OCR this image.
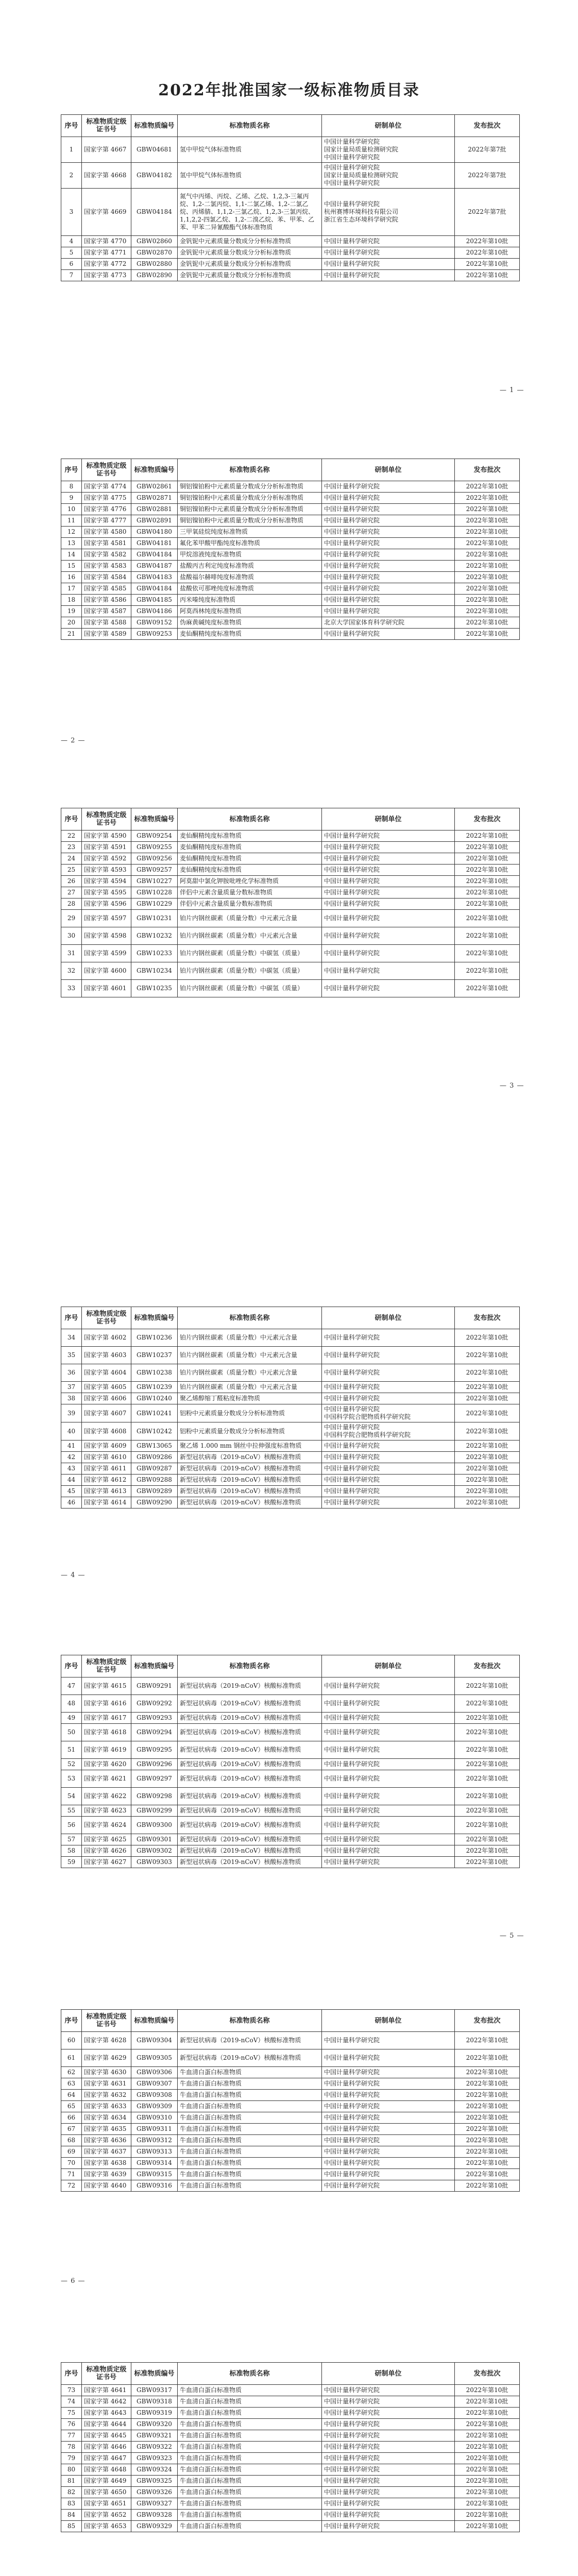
2022年批准国家一级标准物质目录
序号	标准物质定级证书号	标准物质编号	标准物质名称	研制单位	发布批次
1	国家字第 4667	GBW04681	氢中甲烷气体标准物质	中国计量科学研究院
国家计量局质量检测研究院
中国计量科学研究院	2022年第7批
2	国家字第 4668	GBW04182	氢中甲烷气体标准物质	中国计量科学研究院
国家计量局质量检测研究院
中国计量科学研究院	2022年第7批
3	国家字第 4669	GBW04184	氮气中丙烯、丙烷、乙烯、乙烷、1,2,3-三氟丙烷、1,2-二氯丙烷、1,1-二氯乙烯、1,2-二氯乙烷、丙烯腈、1,1,2-三氯乙烷、1,2,3-三氯丙烷、1,1,2,2-四氯乙烷、1,2-二溴乙烷、苯、甲苯、乙苯、甲苯二异氰酸酯气体标准物质	中国计量科学研究院
杭州赛博环境科技有限公司
浙江省生态环境科学研究院	2022年第7批
4	国家字第 4770	GBW02860	金钒铌中元素质量分数成分分析标准物质	中国计量科学研究院	2022年第10批
5	国家字第 4771	GBW02870	金钒铌中元素质量分数成分分析标准物质	中国计量科学研究院	2022年第10批
6	国家字第 4772	GBW02880	金钒铌中元素质量分数成分分析标准物质	中国计量科学研究院	2022年第10批
7	国家字第 4773	GBW02890	金钒铌中元素质量分数成分分析标准物质	中国计量科学研究院	2022年第10批
— 1 —
序号	标准物质定级证书号	标准物质编号	标准物质名称	研制单位	发布批次
8	国家字第 4774	GBW02861	铜铝镍铂粉中元素质量分数成分分析标准物质	中国计量科学研究院	2022年第10批
9	国家字第 4775	GBW02871	铜铝镍铂粉中元素质量分数成分分析标准物质	中国计量科学研究院	2022年第10批
10	国家字第 4776	GBW02881	铜铝镍铂粉中元素质量分数成分分析标准物质	中国计量科学研究院	2022年第10批
11	国家字第 4777	GBW02891	铜铝镍铂粉中元素质量分数成分分析标准物质	中国计量科学研究院	2022年第10批
12	国家字第 4580	GBW04180	三甲氧硅烷纯度标准物质	中国计量科学研究院	2022年第10批
13	国家字第 4581	GBW04181	氟化苯甲酸甲酯纯度标准物质	中国计量科学研究院	2022年第10批
14	国家字第 4582	GBW04184	甲烷溶液纯度标准物质	中国计量科学研究院	2022年第10批
15	国家字第 4583	GBW04187	盐酸丙吉利定纯度标准物质	中国计量科学研究院	2022年第10批
16	国家字第 4584	GBW04183	盐酸福尔赫啡纯度标准物质	中国计量科学研究院	2022年第10批
17	国家字第 4585	GBW04184	盐酸依可那唑纯度标准物质	中国计量科学研究院	2022年第10批
18	国家字第 4586	GBW04185	丙米嗪纯度标准物质	中国计量科学研究院	2022年第10批
19	国家字第 4587	GBW04186	阿莫西林纯度标准物质	中国计量科学研究院	2022年第10批
20	国家字第 4588	GBW09152	伪麻黄碱纯度标准物质	北京大学国家体育科学研究院	2022年第10批
21	国家字第 4589	GBW09253	麦仙酮精纯度标准物质	中国计量科学研究院	2022年第10批
— 2 —
序号	标准物质定级证书号	标准物质编号	标准物质名称	研制单位	发布批次
22	国家字第 4590	GBW09254	麦仙酮精纯度标准物质	中国计量科学研究院	2022年第10批
23	国家字第 4591	GBW09255	麦仙酮精纯度标准物质	中国计量科学研究院	2022年第10批
24	国家字第 4592	GBW09256	麦仙酮精纯度标准物质	中国计量科学研究院	2022年第10批
25	国家字第 4593	GBW09257	麦仙酮精纯度标准物质	中国计量科学研究院	2022年第10批
26	国家字第 4594	GBW10227	阿莫甜中氯化钾胺吡唑化学标准物质	中国计量科学研究院	2022年第10批
27	国家字第 4595	GBW10228	伴侣中元素含量质量分数标准物质	中国计量科学研究院	2022年第10批
28	国家字第 4596	GBW10229	伴侣中元素含量质量分数标准物质	中国计量科学研究院	2022年第10批
29	国家字第 4597	GBW10231	铂片内钢丝碳素（质量分数）中元素元含量	中国计量科学研究院	2022年第10批
30	国家字第 4598	GBW10232	铂片内钢丝碳素（质量分数）中元素元含量	中国计量科学研究院	2022年第10批
31	国家字第 4599	GBW10233	铂片内钢丝碳素（质量分数）中碳氢（质量）	中国计量科学研究院	2022年第10批
32	国家字第 4600	GBW10234	铂片内钢丝碳素（质量分数）中碳氢（质量）	中国计量科学研究院	2022年第10批
33	国家字第 4601	GBW10235	铂片内钢丝碳素（质量分数）中碳氢（质量）	中国计量科学研究院	2022年第10批
— 3 —
序号	标准物质定级证书号	标准物质编号	标准物质名称	研制单位	发布批次
34	国家字第 4602	GBW10236	铂片内钢丝碳素（质量分数）中元素元含量	中国计量科学研究院	2022年第10批
35	国家字第 4603	GBW10237	铂片内钢丝碳素（质量分数）中元素元含量	中国计量科学研究院	2022年第10批
36	国家字第 4604	GBW10238	铂片内钢丝碳素（质量分数）中元素元含量	中国计量科学研究院	2022年第10批
37	国家字第 4605	GBW10239	铂片内钢丝碳素（质量分数）中元素元含量	中国计量科学研究院	2022年第10批
38	国家字第 4606	GBW10240	聚乙烯醇缩丁醛粘度标准物质	中国计量科学研究院	2022年第10批
39	国家字第 4607	GBW10241	铝粉中元素质量分数成分分析标准物质	中国计量科学研究院
中国科学院合肥物质科学研究院	2022年第10批
40	国家字第 4608	GBW10242	铝粉中元素质量分数成分分析标准物质	中国计量科学研究院
中国科学院合肥物质科学研究院	2022年第10批
41	国家字第 4609	GBW13065	聚乙烯 1.000 mm 钢丝中拉伸强度标准物质	中国计量科学研究院	2022年第10批
42	国家字第 4610	GBW09286	新型冠状病毒（2019-nCoV）核酸标准物质	中国计量科学研究院	2022年第10批
43	国家字第 4611	GBW09287	新型冠状病毒（2019-nCoV）核酸标准物质	中国计量科学研究院	2022年第10批
44	国家字第 4612	GBW09288	新型冠状病毒（2019-nCoV）核酸标准物质	中国计量科学研究院	2022年第10批
45	国家字第 4613	GBW09289	新型冠状病毒（2019-nCoV）核酸标准物质	中国计量科学研究院	2022年第10批
46	国家字第 4614	GBW09290	新型冠状病毒（2019-nCoV）核酸标准物质	中国计量科学研究院	2022年第10批
— 4 —
序号	标准物质定级证书号	标准物质编号	标准物质名称	研制单位	发布批次
47	国家字第 4615	GBW09291	新型冠状病毒（2019-nCoV）核酸标准物质	中国计量科学研究院	2022年第10批
48	国家字第 4616	GBW09292	新型冠状病毒（2019-nCoV）核酸标准物质	中国计量科学研究院	2022年第10批
49	国家字第 4617	GBW09293	新型冠状病毒（2019-nCoV）核酸标准物质	中国计量科学研究院	2022年第10批
50	国家字第 4618	GBW09294	新型冠状病毒（2019-nCoV）核酸标准物质	中国计量科学研究院	2022年第10批
51	国家字第 4619	GBW09295	新型冠状病毒（2019-nCoV）核酸标准物质	中国计量科学研究院	2022年第10批
52	国家字第 4620	GBW09296	新型冠状病毒（2019-nCoV）核酸标准物质	中国计量科学研究院	2022年第10批
53	国家字第 4621	GBW09297	新型冠状病毒（2019-nCoV）核酸标准物质	中国计量科学研究院	2022年第10批
54	国家字第 4622	GBW09298	新型冠状病毒（2019-nCoV）核酸标准物质	中国计量科学研究院	2022年第10批
55	国家字第 4623	GBW09299	新型冠状病毒（2019-nCoV）核酸标准物质	中国计量科学研究院	2022年第10批
56	国家字第 4624	GBW09300	新型冠状病毒（2019-nCoV）核酸标准物质	中国计量科学研究院	2022年第10批
57	国家字第 4625	GBW09301	新型冠状病毒（2019-nCoV）核酸标准物质	中国计量科学研究院	2022年第10批
58	国家字第 4626	GBW09302	新型冠状病毒（2019-nCoV）核酸标准物质	中国计量科学研究院	2022年第10批
59	国家字第 4627	GBW09303	新型冠状病毒（2019-nCoV）核酸标准物质	中国计量科学研究院	2022年第10批
— 5 —
序号	标准物质定级证书号	标准物质编号	标准物质名称	研制单位	发布批次
60	国家字第 4628	GBW09304	新型冠状病毒（2019-nCoV）核酸标准物质	中国计量科学研究院	2022年第10批
61	国家字第 4629	GBW09305	新型冠状病毒（2019-nCoV）核酸标准物质	中国计量科学研究院	2022年第10批
62	国家字第 4630	GBW09306	牛血清白蛋白标准物质	中国计量科学研究院	2022年第10批
63	国家字第 4631	GBW09307	牛血清白蛋白标准物质	中国计量科学研究院	2022年第10批
64	国家字第 4632	GBW09308	牛血清白蛋白标准物质	中国计量科学研究院	2022年第10批
65	国家字第 4633	GBW09309	牛血清白蛋白标准物质	中国计量科学研究院	2022年第10批
66	国家字第 4634	GBW09310	牛血清白蛋白标准物质	中国计量科学研究院	2022年第10批
67	国家字第 4635	GBW09311	牛血清白蛋白标准物质	中国计量科学研究院	2022年第10批
68	国家字第 4636	GBW09312	牛血清白蛋白标准物质	中国计量科学研究院	2022年第10批
69	国家字第 4637	GBW09313	牛血清白蛋白标准物质	中国计量科学研究院	2022年第10批
70	国家字第 4638	GBW09314	牛血清白蛋白标准物质	中国计量科学研究院	2022年第10批
71	国家字第 4639	GBW09315	牛血清白蛋白标准物质	中国计量科学研究院	2022年第10批
72	国家字第 4640	GBW09316	牛血清白蛋白标准物质	中国计量科学研究院	2022年第10批
— 6 —
序号	标准物质定级证书号	标准物质编号	标准物质名称	研制单位	发布批次
73	国家字第 4641	GBW09317	牛血清白蛋白标准物质	中国计量科学研究院	2022年第10批
74	国家字第 4642	GBW09318	牛血清白蛋白标准物质	中国计量科学研究院	2022年第10批
75	国家字第 4643	GBW09319	牛血清白蛋白标准物质	中国计量科学研究院	2022年第10批
76	国家字第 4644	GBW09320	牛血清白蛋白标准物质	中国计量科学研究院	2022年第10批
77	国家字第 4645	GBW09321	牛血清白蛋白标准物质	中国计量科学研究院	2022年第10批
78	国家字第 4646	GBW09322	牛血清白蛋白标准物质	中国计量科学研究院	2022年第10批
79	国家字第 4647	GBW09323	牛血清白蛋白标准物质	中国计量科学研究院	2022年第10批
80	国家字第 4648	GBW09324	牛血清白蛋白标准物质	中国计量科学研究院	2022年第10批
81	国家字第 4649	GBW09325	牛血清白蛋白标准物质	中国计量科学研究院	2022年第10批
82	国家字第 4650	GBW09326	牛血清白蛋白标准物质	中国计量科学研究院	2022年第10批
83	国家字第 4651	GBW09327	牛血清白蛋白标准物质	中国计量科学研究院	2022年第10批
84	国家字第 4652	GBW09328	牛血清白蛋白标准物质	中国计量科学研究院	2022年第10批
85	国家字第 4653	GBW09329	牛血清白蛋白标准物质	中国计量科学研究院	2022年第10批
